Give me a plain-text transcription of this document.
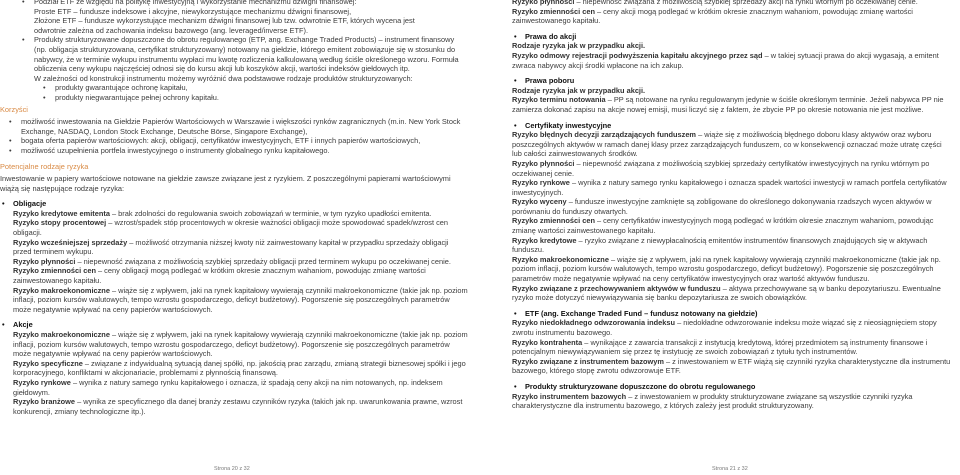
• Podział ETF ze względu na politykę inwestycyjną i wykorzystanie mechanizmu dźwigni finansowej:

Proste ETF – fundusze indeksowe i akcyjne, niewykorzystujące mechanizmu dźwigni finansowej,

Złożone ETF – fundusze wykorzystujące mechanizm dźwigni finansowej lub tzw. odwrotnie ETF, których wycena jest

odwrotnie zależna od zachowania indeksu bazowego (ang. leveraged/inverse ETF).

• Produkty strukturyzowane dopuszczone do obrotu regulowanego (ETP, ang. Exchange Traded Products) – instrument finansowy (np. obligacja strukturyzowana, certyfikat strukturyzowany) notowany na giełdzie, którego emitent zobowiązuje się w stosunku do nabywcy, że w terminie wykupu instrumentu wypłaci mu kwotę rozliczenia kalkulowaną według ściśle określonego wzoru. Formuła obliczenia ceny wykupu najczęściej odnosi się do kursu akcji lub koszyków akcji, wartości indeksów giełdowych itp.

W zależności od konstrukcji instrumentu możemy wyróżnić dwa podstawowe rodzaje produktów strukturyzowanych:

• produkty gwarantujące ochronę kapitału,
• produkty niegwarantujące pełnej ochrony kapitału.

Korzyści

• możliwość inwestowania na Giełdzie Papierów Wartościowych w Warszawie i większości rynków zagranicznych (m.in. New York Stock Exchange, NASDAQ, London Stock Exchange, Deutsche Börse, Singapore Exchange),
• bogata oferta papierów wartościowych: akcji, obligacji, certyfikatów inwestycyjnych, ETF i innych papierów wartościowych,
• możliwość uzupełnienia portfela inwestycyjnego o instrumenty globalnego rynku kapitałowego.

Potencjalne rodzaje ryzyka

Inwestowanie w papiery wartościowe notowane na giełdzie zawsze związane jest z ryzykiem. Z poszczególnymi papierami wartościowymi wiążą się następujące rodzaje ryzyka:

• Obligacje

Ryzyko kredytowe emitenta – brak zdolności do regulowania swoich zobowiązań w terminie, w tym ryzyko upadłości emitenta.

Ryzyko stopy procentowej – wzrost/spadek stóp procentowych w okresie ważności obligacji może spowodować spadek/wzrost cen obligacji.

Ryzyko wcześniejszej sprzedaży – możliwość otrzymania niższej kwoty niż zainwestowany kapitał w przypadku sprzedaży obligacji przed terminem wykupu.

Ryzyko płynności – niepewność związana z możliwością szybkiej sprzedaży obligacji przed terminem wykupu po oczekiwanej cenie.

Ryzyko zmienności cen – ceny obligacji mogą podlegać w krótkim okresie znacznym wahaniom, powodując zmianę wartości zainwestowanego kapitału.

Ryzyko makroekonomiczne – wiąże się z wpływem, jaki na rynek kapitałowy wywierają czynniki makroekonomiczne (takie jak np. poziom inflacji, poziom kursów walutowych, tempo wzrostu gospodarczego, deficyt budżetowy). Pogorszenie się poszczególnych parametrów może negatywnie wpływać na ceny papierów wartościowych.

• Akcje

Ryzyko makroekonomiczne – wiąże się z wpływem, jaki na rynek kapitałowy wywierają czynniki makroekonomiczne (takie jak np. poziom inflacji, poziom kursów walutowych, tempo wzrostu gospodarczego, deficyt budżetowy). Pogorszenie się poszczególnych parametrów może negatywnie wpływać na ceny papierów wartościowych.

Ryzyko specyficzne – związane z indywidualną sytuacją danej spółki, np. jakością prac zarządu, zmianą strategii biznesowej spółki i jego korporacyjnego, konfliktami w akcjonariacie, problemami z płynnością finansową.

Ryzyko rynkowe – wynika z natury samego rynku kapitałowego i oznacza, iż spadają ceny akcji na nim notowanych, np. indeksem giełdowym.

Ryzyko branżowe – wynika ze specyficznego dla danej branży zestawu czynników ryzyka (takich jak np. uwarunkowania prawne, wzrost konkurencji, zmiany technologiczne itp.).

Strona 20 z 32

Ryzyko płynności – niepewność związana z możliwością szybkiej sprzedaży akcji na rynku wtórnym po oczekiwanej cenie.

Ryzyko zmienności cen – ceny akcji mogą podlegać w krótkim okresie znacznym wahaniom, powodując zmianę wartości zainwestowanego kapitału.

• Prawa do akcji

Rodzaje ryzyka jak w przypadku akcji.

Ryzyko odmowy rejestracji podwyższenia kapitału akcyjnego przez sąd – w takiej sytuacji prawa do akcji wygasają, a emitent zwraca nabywcy akcji środki wpłacone na ich zakup.

• Prawa poboru

Rodzaje ryzyka jak w przypadku akcji.

Ryzyko terminu notowania – PP są notowane na rynku regulowanym jedynie w ściśle określonym terminie. Jeżeli nabywca PP nie zamierza dokonać zapisu na akcje nowej emisji, musi liczyć się z faktem, że zbycie PP po okresie notowania nie jest możliwe.

• Certyfikaty inwestycyjne

Ryzyko błędnych decyzji zarządzających funduszem – wiąże się z możliwością błędnego doboru klasy aktywów oraz wyboru poszczególnych aktywów w ramach danej klasy przez zarządzających funduszem, co w konsekwencji oznaczać może utratę części lub całości zainwestowanych środków.

Ryzyko płynności – niepewność związana z możliwością szybkiej sprzedaży certyfikatów inwestycyjnych na rynku wtórnym po oczekiwanej cenie.

Ryzyko rynkowe – wynika z natury samego rynku kapitałowego i oznacza spadek wartości inwestycji w ramach portfela certyfikatów inwestycyjnych.

Ryzyko wyceny – fundusze inwestycyjne zamknięte są zobligowane do określonego dokonywania rzadszych wycen aktywów w porównaniu do funduszy otwartych.

Ryzyko zmienności cen – ceny certyfikatów inwestycyjnych mogą podlegać w krótkim okresie znacznym wahaniom, powodując zmianę wartości zainwestowanego kapitału.

Ryzyko kredytowe – ryzyko związane z niewypłacalnością emitentów instrumentów finansowych znajdujących się w aktywach funduszu.

Ryzyko makroekonomiczne – wiąże się z wpływem, jaki na rynek kapitałowy wywierają czynniki makroekonomiczne (takie jak np. poziom inflacji, poziom kursów walutowych, tempo wzrostu gospodarczego, deficyt budżetowy). Pogorszenie się poszczególnych parametrów może negatywnie wpływać na ceny certyfikatów inwestycyjnych oraz wartość aktywów funduszu.

Ryzyko związane z przechowywaniem aktywów w funduszu – aktywa przechowywane są w banku depozytariuszu. Ewentualne ryzyko może dotyczyć niewywiązywania się banku depozytariusza ze swoich obowiązków.

• ETF (ang. Exchange Traded Fund – fundusz notowany na giełdzie)

Ryzyko niedokładnego odwzorowania indeksu – niedokładne odwzorowanie indeksu może wiązać się z nieosiągnięciem stopy zwrotu instrumentu bazowego.

Ryzyko kontrahenta – wynikające z zawarcia transakcji z instytucją kredytową, której przedmiotem są instrumenty finansowe i potencjalnym niewywiązywaniem się przez tę instytucję ze swoich zobowiązań z tytułu tych instrumentów.

Ryzyko związane z instrumentem bazowym – z inwestowaniem w ETF wiążą się czynniki ryzyka charakterystyczne dla instrumentu bazowego, którego stopę zwrotu odwzorowuje ETF.

• Produkty strukturyzowane dopuszczone do obrotu regulowanego

Ryzyko instrumentem bazowych – z inwestowaniem w produkty strukturyzowane związane są wszystkie czynniki ryzyka charakterystyczne dla instrumentu bazowego, z których zależy jest produkt strukturyzowany.

Strona 21 z 32
